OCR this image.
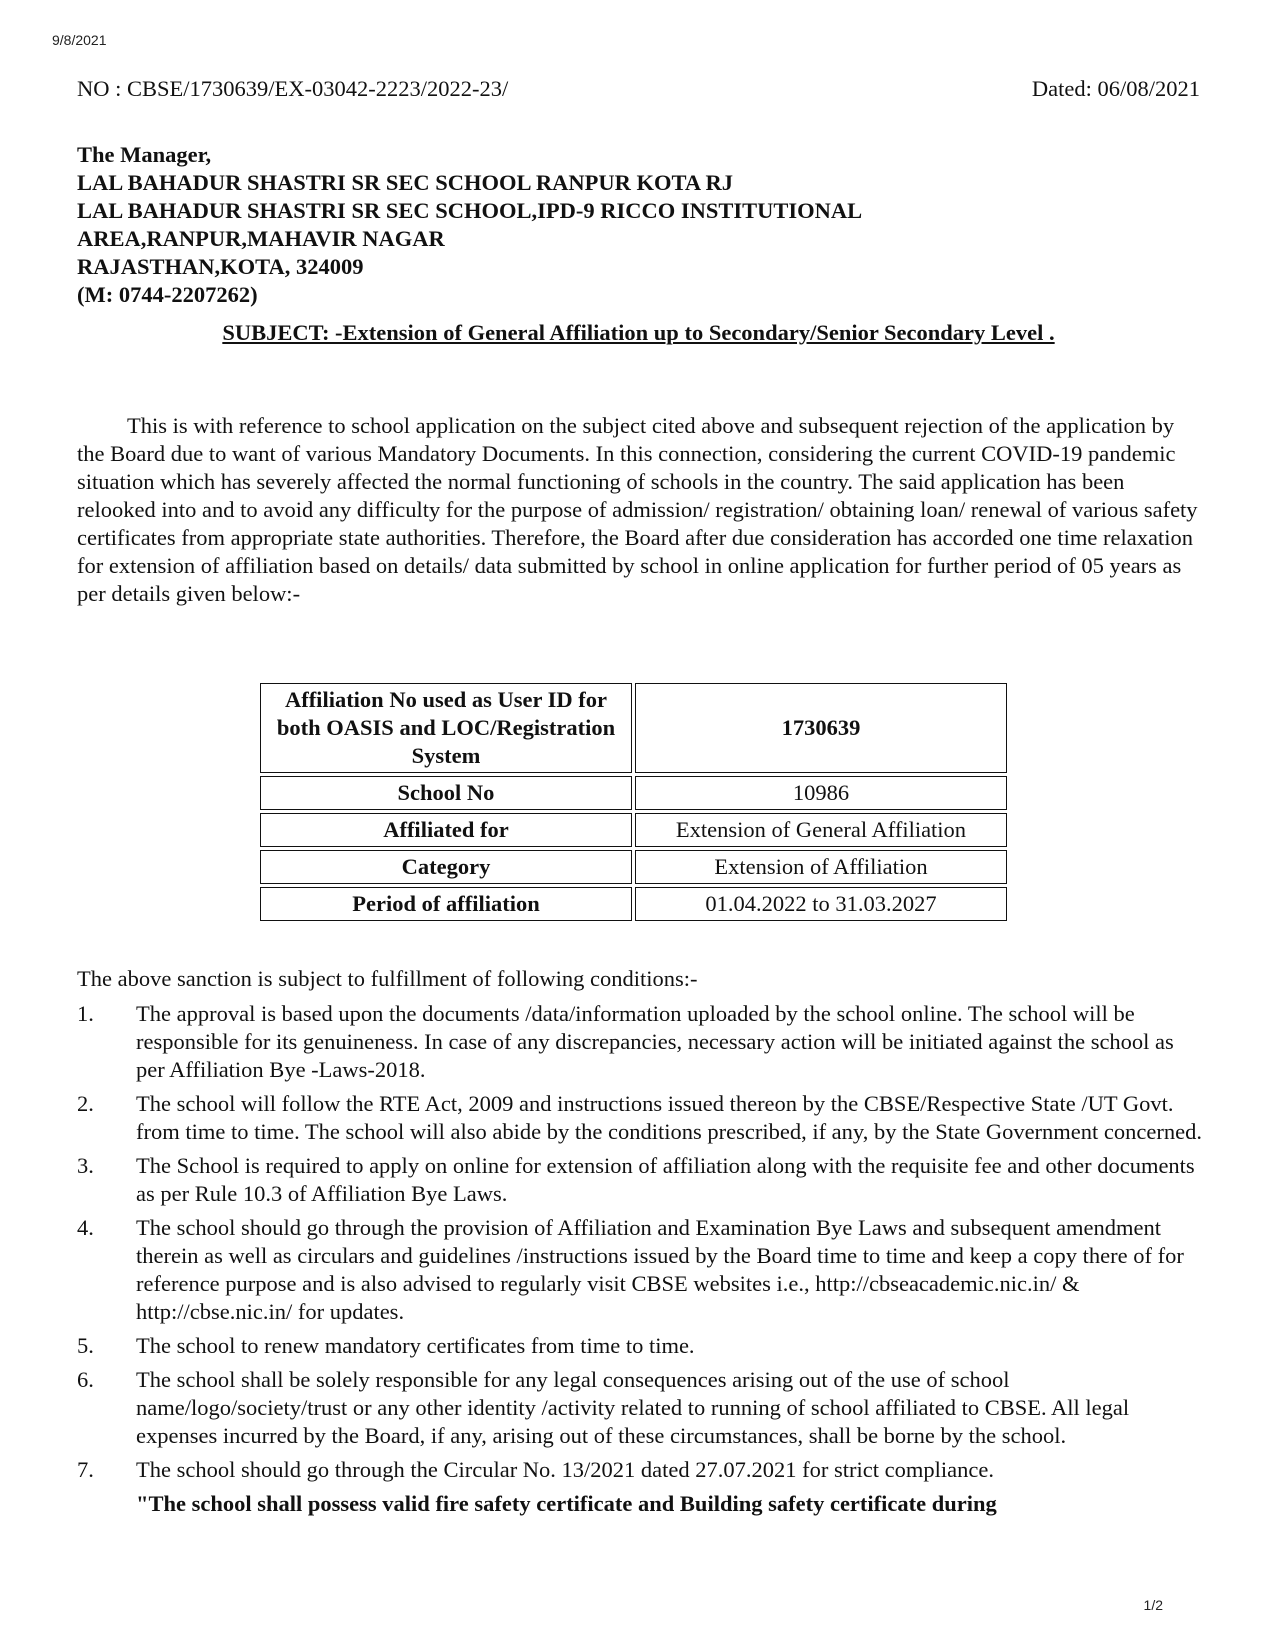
9/8/2021
NO : CBSE/1730639/EX-03042-2223/2022-23/	Dated: 06/08/2021
The Manager,
LAL BAHADUR SHASTRI SR SEC SCHOOL RANPUR KOTA RJ
LAL BAHADUR SHASTRI SR SEC SCHOOL,IPD-9 RICCO INSTITUTIONAL
AREA,RANPUR,MAHAVIR NAGAR
RAJASTHAN,KOTA, 324009
(M: 0744-2207262)
SUBJECT: -Extension of General Affiliation up to Secondary/Senior Secondary Level .
This is with reference to school application on the subject cited above and subsequent rejection of the application by the Board due to want of various Mandatory Documents. In this connection, considering the current COVID-19 pandemic situation which has severely affected the normal functioning of schools in the country. The said application has been relooked into and to avoid any difficulty for the purpose of admission/ registration/ obtaining loan/ renewal of various safety certificates from appropriate state authorities. Therefore, the Board after due consideration has accorded one time relaxation for extension of affiliation based on details/ data submitted by school in online application for further period of 05 years as per details given below:-
Affiliation No used as User ID for both OASIS and LOC/Registration System	1730639
School No	10986
Affiliated for	Extension of General Affiliation
Category	Extension of Affiliation
Period of affiliation	01.04.2022 to 31.03.2027
The above sanction is subject to fulfillment of following conditions:-
1. The approval is based upon the documents /data/information uploaded by the school online. The school will be responsible for its genuineness. In case of any discrepancies, necessary action will be initiated against the school as per Affiliation Bye -Laws-2018.
2. The school will follow the RTE Act, 2009 and instructions issued thereon by the CBSE/Respective State /UT Govt. from time to time. The school will also abide by the conditions prescribed, if any, by the State Government concerned.
3. The School is required to apply on online for extension of affiliation along with the requisite fee and other documents as per Rule 10.3 of Affiliation Bye Laws.
4. The school should go through the provision of Affiliation and Examination Bye Laws and subsequent amendment therein as well as circulars and guidelines /instructions issued by the Board time to time and keep a copy there of for reference purpose and is also advised to regularly visit CBSE websites i.e., http://cbseacademic.nic.in/ & http://cbse.nic.in/ for updates.
5. The school to renew mandatory certificates from time to time.
6. The school shall be solely responsible for any legal consequences arising out of the use of school name/logo/society/trust or any other identity /activity related to running of school affiliated to CBSE. All legal expenses incurred by the Board, if any, arising out of these circumstances, shall be borne by the school.
7. The school should go through the Circular No. 13/2021 dated 27.07.2021 for strict compliance.
"The school shall possess valid fire safety certificate and Building safety certificate during
1/2
